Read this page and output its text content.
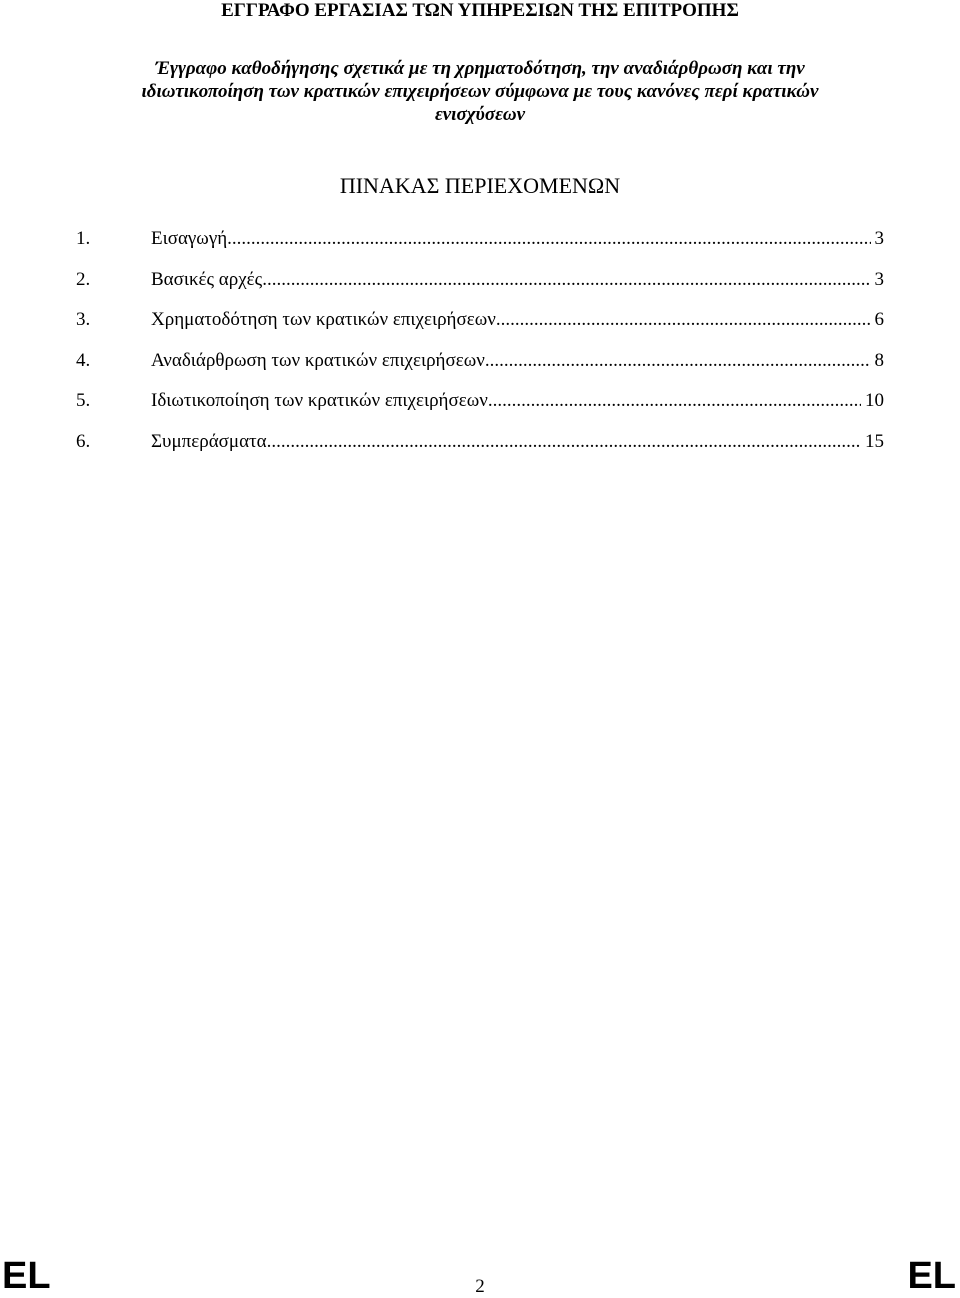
ΕΓΓΡΑΦΟ ΕΡΓΑΣΙΑΣ ΤΩΝ ΥΠΗΡΕΣΙΩΝ ΤΗΣ ΕΠΙΤΡΟΠΗΣ
Έγγραφο καθοδήγησης σχετικά με τη χρηματοδότηση, την αναδιάρθρωση και την
ιδιωτικοποίηση των κρατικών επιχειρήσεων σύμφωνα με τους κανόνες περί κρατικών
ενισχύσεων
ΠΙΝΑΚΑΣ ΠΕΡΙΕΧΟΜΕΝΩΝ
1.	Εισαγωγή .....	3
2.	Βασικές αρχές .....	3
3.	Χρηματοδότηση των κρατικών επιχειρήσεων .....	6
4.	Αναδιάρθρωση των κρατικών επιχειρήσεων .....	8
5.	Ιδιωτικοποίηση των κρατικών επιχειρήσεων .....	10
6.	Συμπεράσματα .....	15
EL	2	EL
